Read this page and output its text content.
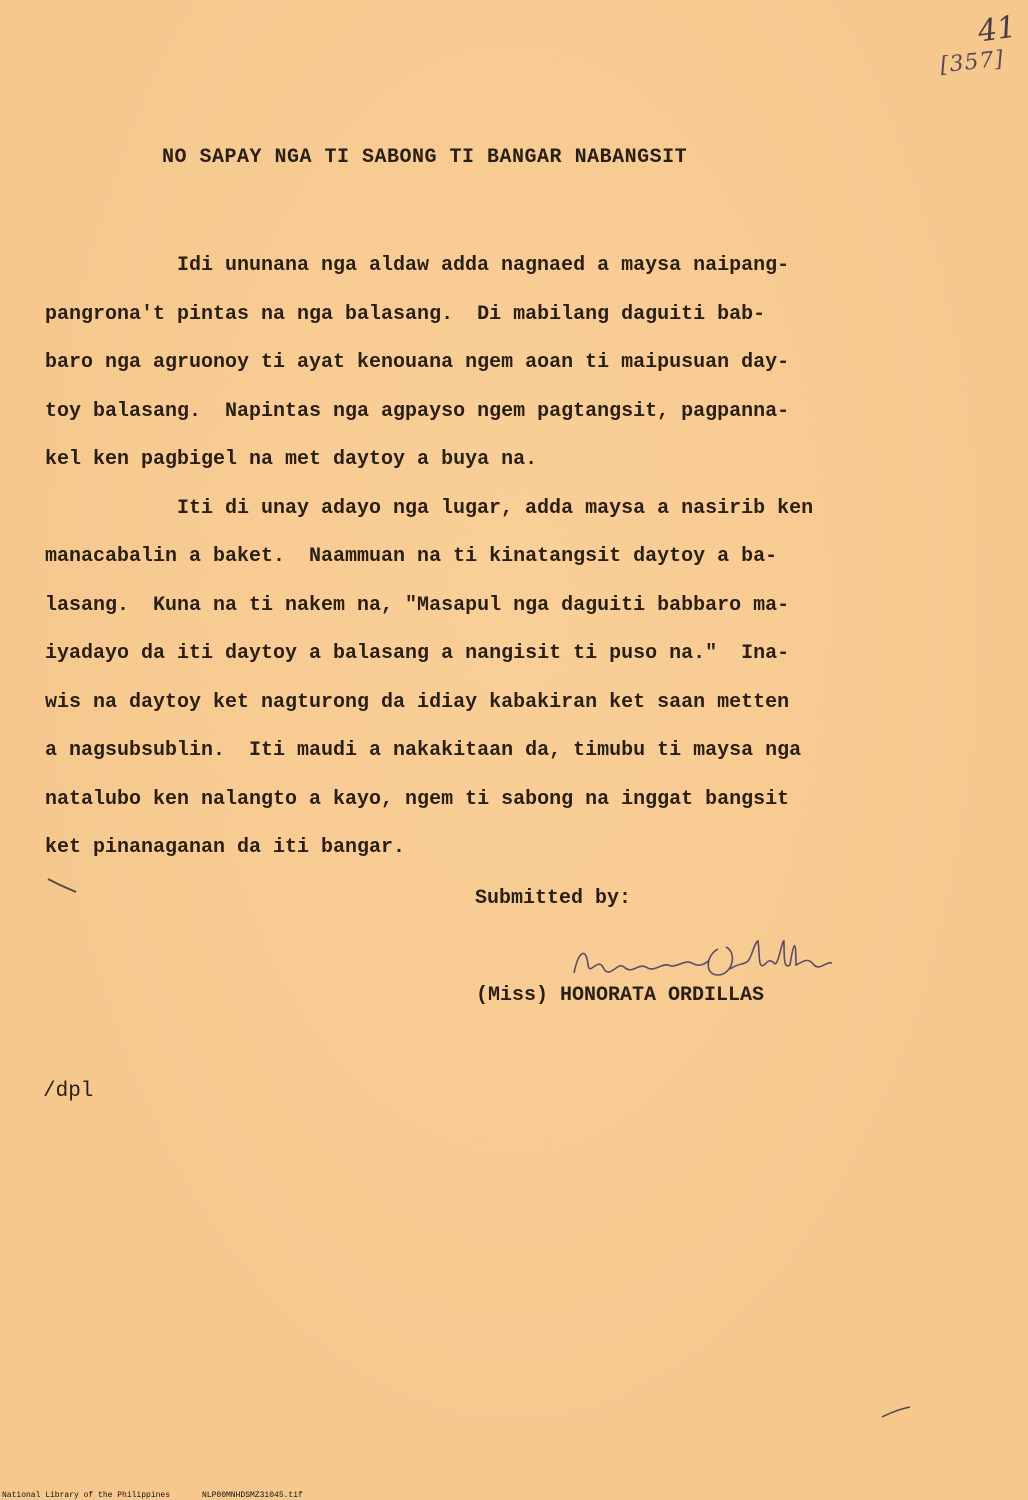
41
[357]
NO SAPAY NGA TI SABONG TI BANGAR NABANGSIT
Idi ununana nga aldaw adda nagnaed a maysa naipang-
pangrona't pintas na nga balasang.  Di mabilang daguiti bab-
baro nga agruonoy ti ayat kenouana ngem aoan ti maipusuan day-
toy balasang.  Napintas nga agpayso ngem pagtangsit, pagpanna-
kel ken pagbigel na met daytoy a buya na.
Iti di unay adayo nga lugar, adda maysa a nasirib ken
manacabalin a baket.  Naammuan na ti kinatangsit daytoy a ba-
lasang.  Kuna na ti nakem na, "Masapul nga daguiti babbaro ma-
iyadayo da iti daytoy a balasang a nangisit ti puso na."  Ina-
wis na daytoy ket nagturong da idiay kabakiran ket saan metten
a nagsubsublin.  Iti maudi a nakakitaan da, timubu ti maysa nga
natalubo ken nalangto a kayo, ngem ti sabong na inggat bangsit
ket pinanaganan da iti bangar.
Submitted by:
(Miss) HONORATA ORDILLAS
/dpl
National Library of the Philippines	NLP00MNHDSMZ31045.tif
